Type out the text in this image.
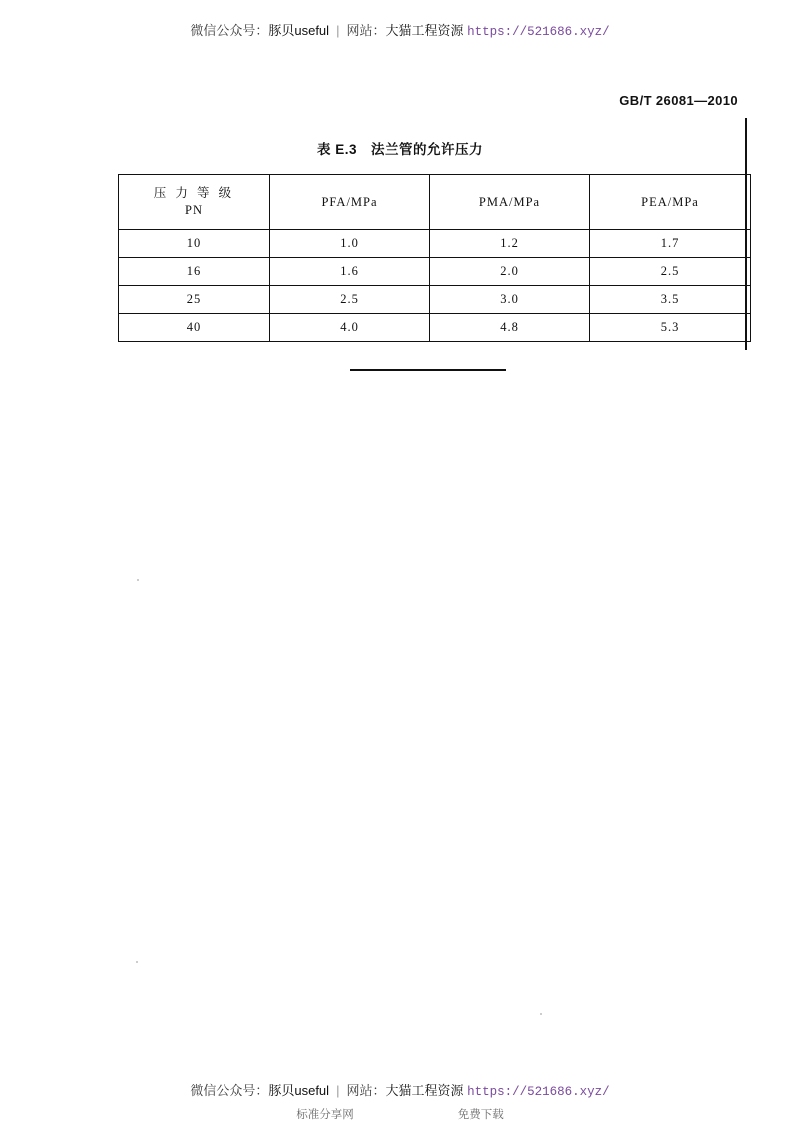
微信公众号：豚贝useful | 网站：大猫工程资源 https://521686.xyz/
GB/T 26081—2010
表 E.3 法兰管的允许压力
压 力 等 级
PN	PFA/MPa	PMA/MPa	PEA/MPa
10	1.0	1.2	1.7
16	1.6	2.0	2.5
25	2.5	3.0	3.5
40	4.0	4.8	5.3
微信公众号：豚贝useful | 网站：大猫工程资源 https://521686.xyz/
标准分享网	免费下载
